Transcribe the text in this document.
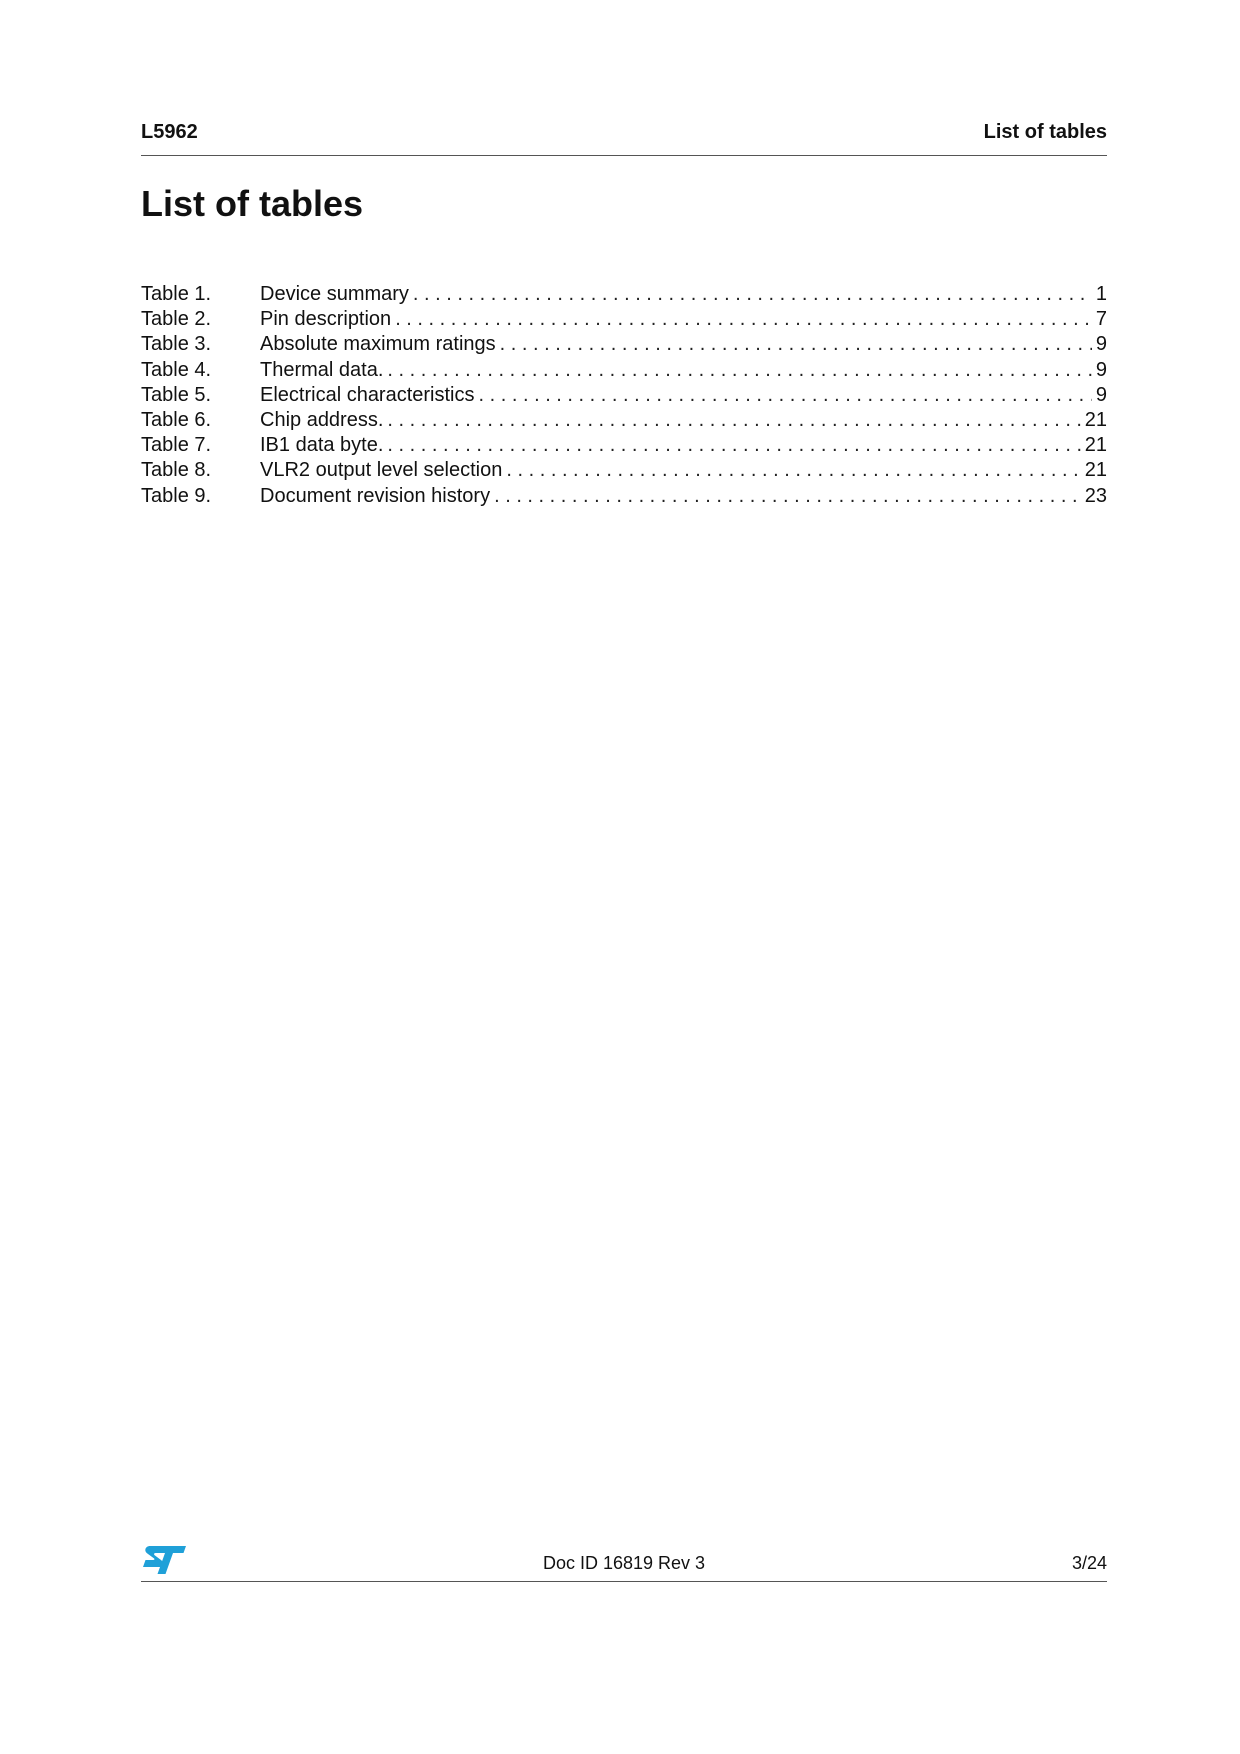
L5962	List of tables
List of tables
Table 1.	Device summary . . .	1
Table 2.	Pin description . . .	7
Table 3.	Absolute maximum ratings . . .	9
Table 4.	Thermal data. . . .	9
Table 5.	Electrical characteristics . . .	9
Table 6.	Chip address. . . .	21
Table 7.	IB1 data byte. . . .	21
Table 8.	VLR2 output level selection . . .	21
Table 9.	Document revision history . . .	23
Doc ID 16819 Rev 3	3/24
